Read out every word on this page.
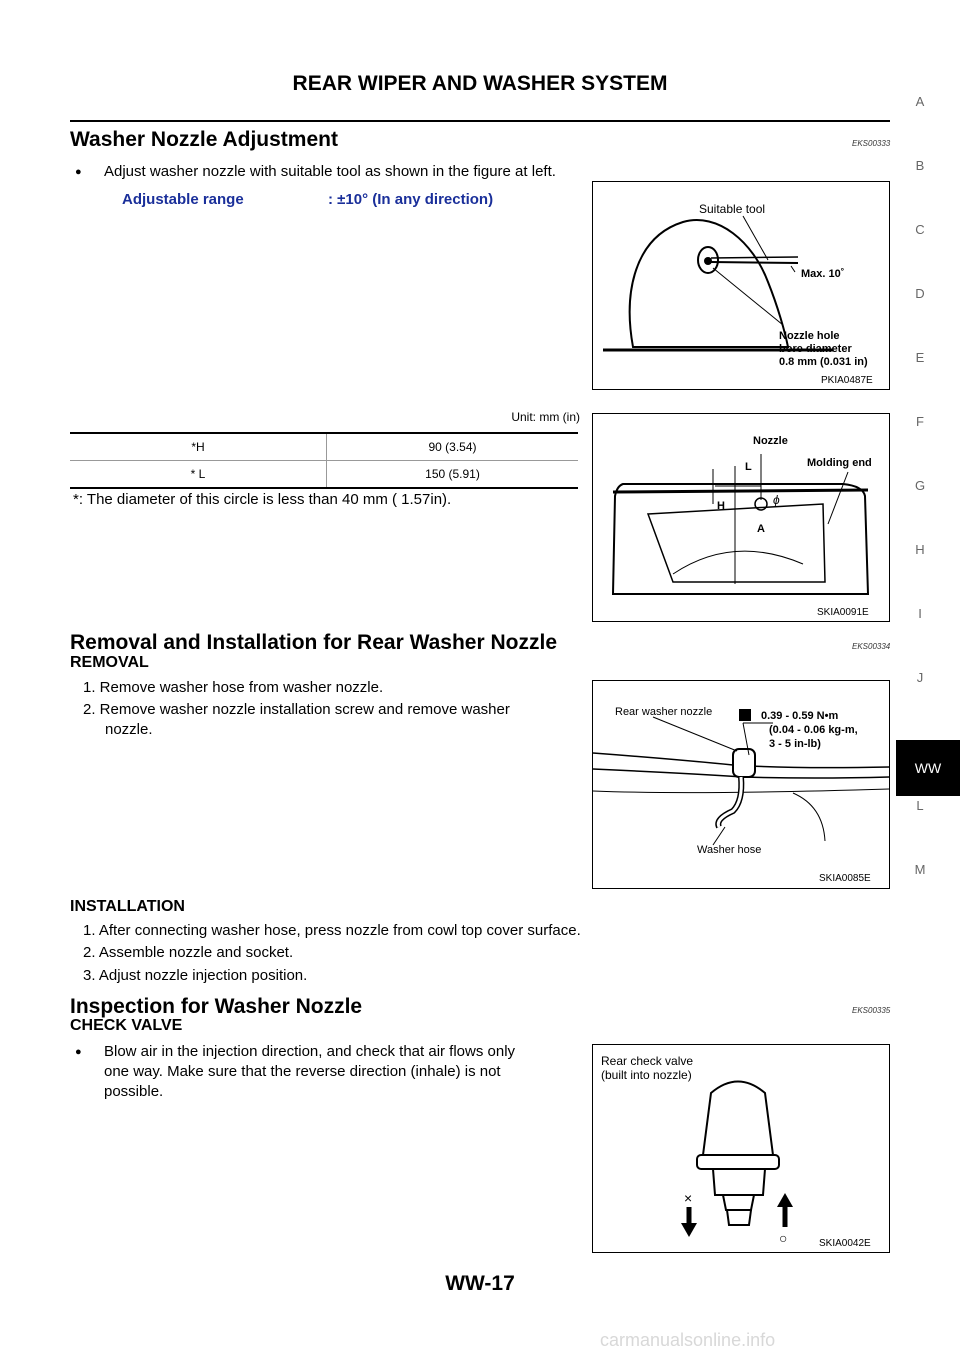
REAR WIPER AND WASHER SYSTEM
A
B
C
D
E
F
G
H
I
J
WW
L
M
Washer Nozzle Adjustment	EKS00333
● Adjust washer nozzle with suitable tool as shown in the figure at left.
Adjustable range	: ±10° (In any direction)
Suitable tool
Max. 10˚
Nozzle hole
bore diameter
0.8 mm (0.031 in)
PKIA0487E
Unit: mm (in)
*H	90 (3.54)
* L	150 (5.91)
*: The diameter of this circle is less than 40 mm ( 1.57in).
Nozzle
Molding end
L
H
A
ϕ
SKIA0091E
Removal and Installation for Rear Washer Nozzle	EKS00334
REMOVAL
1. Remove washer hose from washer nozzle.
2. Remove washer nozzle installation screw and remove washer
nozzle.
Rear washer nozzle	0.39 - 0.59 N•m
(0.04 - 0.06 kg-m,
3 - 5 in-lb)
Washer hose
SKIA0085E
INSTALLATION
1. After connecting washer hose, press nozzle from cowl top cover surface.
2. Assemble nozzle and socket.
3. Adjust nozzle injection position.
Inspection for Washer Nozzle	EKS00335
CHECK VALVE
● Blow air in the injection direction, and check that air flows only
one way. Make sure that the reverse direction (inhale) is not
possible.
Rear check valve
(built into nozzle)
×
○	SKIA0042E
WW-17
carmanualsonline.info
